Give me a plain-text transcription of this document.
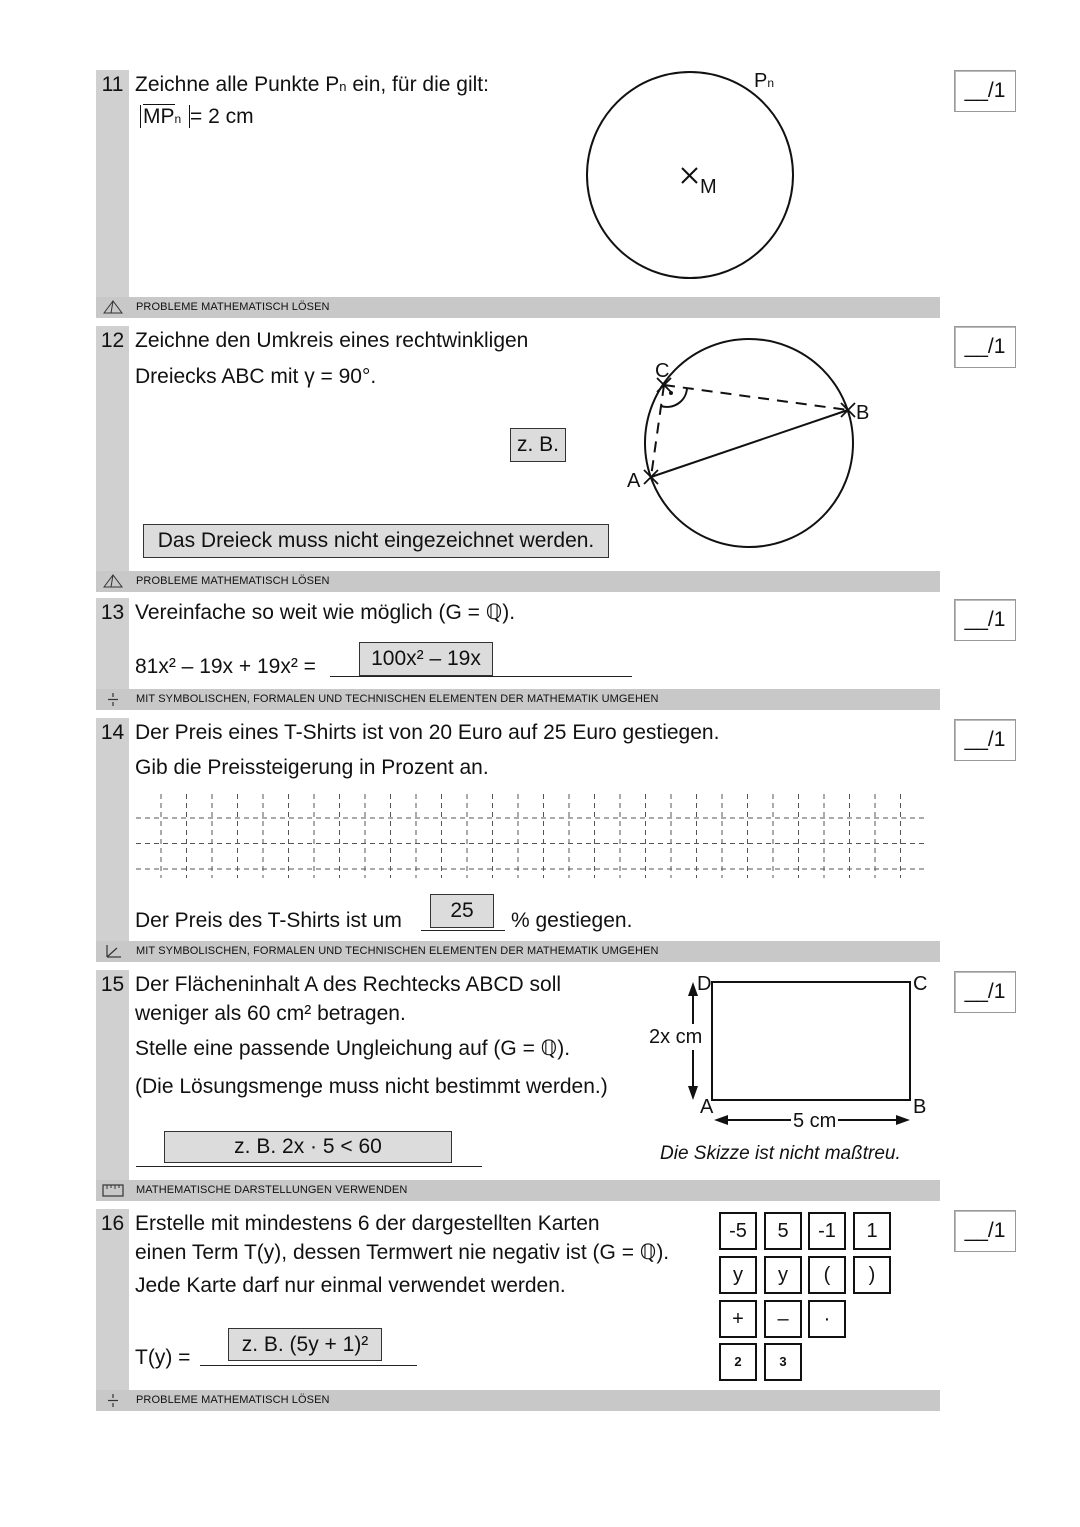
11 Zeichne alle Punkte Pn ein, für die gilt:
MPn = 2 cm
M
Pn
PROBLEME MATHEMATISCH LÖSEN
__/1
12 Zeichne den Umkreis eines rechtwinkligen
Dreiecks ABC mit γ = 90°.
z. B.
Das Dreieck muss nicht eingezeichnet werden.
C
B
A
PROBLEME MATHEMATISCH LÖSEN
__/1
13 Vereinfache so weit wie möglich (G = ℚ).
81x² – 19x + 19x² =	100x² – 19x
MIT SYMBOLISCHEN, FORMALEN UND TECHNISCHEN ELEMENTEN DER MATHEMATIK UMGEHEN
__/1
14 Der Preis eines T-Shirts ist von 20 Euro auf 25 Euro gestiegen.
Gib die Preissteigerung in Prozent an.
Der Preis des T-Shirts ist um	25	% gestiegen.
MIT SYMBOLISCHEN, FORMALEN UND TECHNISCHEN ELEMENTEN DER MATHEMATIK UMGEHEN
__/1
15 Der Flächeninhalt A des Rechtecks ABCD soll
weniger als 60 cm² betragen.
Stelle eine passende Ungleichung auf (G = ℚ).
(Die Lösungsmenge muss nicht bestimmt werden.)
z. B. 2x · 5 < 60
D	C
A	B
2x cm
5 cm
Die Skizze ist nicht maßtreu.
MATHEMATISCHE DARSTELLUNGEN VERWENDEN
__/1
16 Erstelle mit mindestens 6 der dargestellten Karten
einen Term T(y), dessen Termwert nie negativ ist (G = ℚ).
Jede Karte darf nur einmal verwendet werden.
T(y) =
z. B. (5y + 1)²
-5	5	-1	1
y	y	(	)
+	–	·
2	3
PROBLEME MATHEMATISCH LÖSEN
__/1
